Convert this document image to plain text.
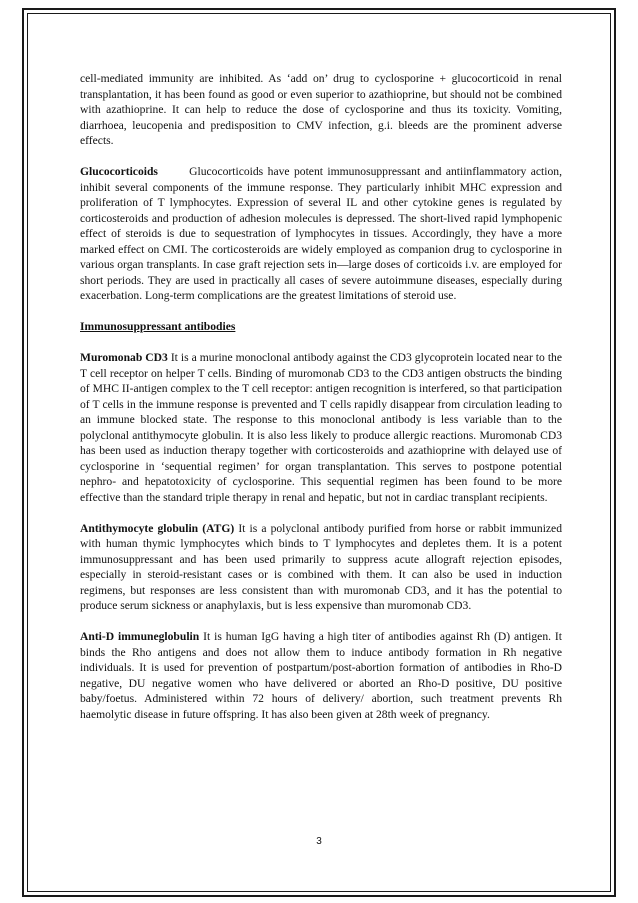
cell-mediated immunity are inhibited. As ‘add on’ drug to cyclosporine + glucocorticoid in renal transplantation, it has been found as good or even superior to azathioprine, but should not be combined with azathioprine. It can help to reduce the dose of cyclosporine and thus its toxicity. Vomiting, diarrhoea, leucopenia and predisposition to CMV infection, g.i. bleeds are the prominent adverse effects.

Glucocorticoids	Glucocorticoids have potent immunosuppressant and antiinflammatory action, inhibit several components of the immune response. They particularly inhibit MHC expression and proliferation of T lymphocytes. Expression of several IL and other cytokine genes is regulated by corticosteroids and production of adhesion molecules is depressed. The short-lived rapid lymphopenic effect of steroids is due to sequestration of lymphocytes in tissues. Accordingly, they have a more marked effect on CMI. The corticosteroids are widely employed as companion drug to cyclosporine in various organ transplants. In case graft rejection sets in—large doses of corticoids i.v. are employed for short periods. They are used in practically all cases of severe autoimmune diseases, especially during exacerbation. Long-term complications are the greatest limitations of steroid use.

Immunosuppressant antibodies

Muromonab CD3 It is a murine monoclonal antibody against the CD3 glycoprotein located near to the T cell receptor on helper T cells. Binding of muromonab CD3 to the CD3 antigen obstructs the binding of MHC II-antigen complex to the T cell receptor: antigen recognition is interfered, so that participation of T cells in the immune response is prevented and T cells rapidly disappear from circulation leading to an immune blocked state. The response to this monoclonal antibody is less variable than to the polyclonal antithymocyte globulin. It is also less likely to produce allergic reactions. Muromonab CD3 has been used as induction therapy together with corticosteroids and azathioprine with delayed use of cyclosporine in ‘sequential regimen’ for organ transplantation. This serves to postpone potential nephro- and hepatotoxicity of cyclosporine. This sequential regimen has been found to be more effective than the standard triple therapy in renal and hepatic, but not in cardiac transplant recipients.

Antithymocyte globulin (ATG) It is a polyclonal antibody purified from horse or rabbit immunized with human thymic lymphocytes which binds to T lymphocytes and depletes them. It is a potent immunosuppressant and has been used primarily to suppress acute allograft rejection episodes, especially in steroid-resistant cases or is combined with them. It can also be used in induction regimens, but responses are less consistent than with muromonab CD3, and it has the potential to produce serum sickness or anaphylaxis, but is less expensive than muromonab CD3.

Anti-D immuneglobulin It is human IgG having a high titer of antibodies against Rh (D) antigen. It binds the Rho antigens and does not allow them to induce antibody formation in Rh negative individuals. It is used for prevention of postpartum/post-abortion formation of antibodies in Rho-D negative, DU negative women who have delivered or aborted an Rho-D positive, DU positive baby/foetus. Administered within 72 hours of delivery/ abortion, such treatment prevents Rh haemolytic disease in future offspring. It has also been given at 28th week of pregnancy.

3
